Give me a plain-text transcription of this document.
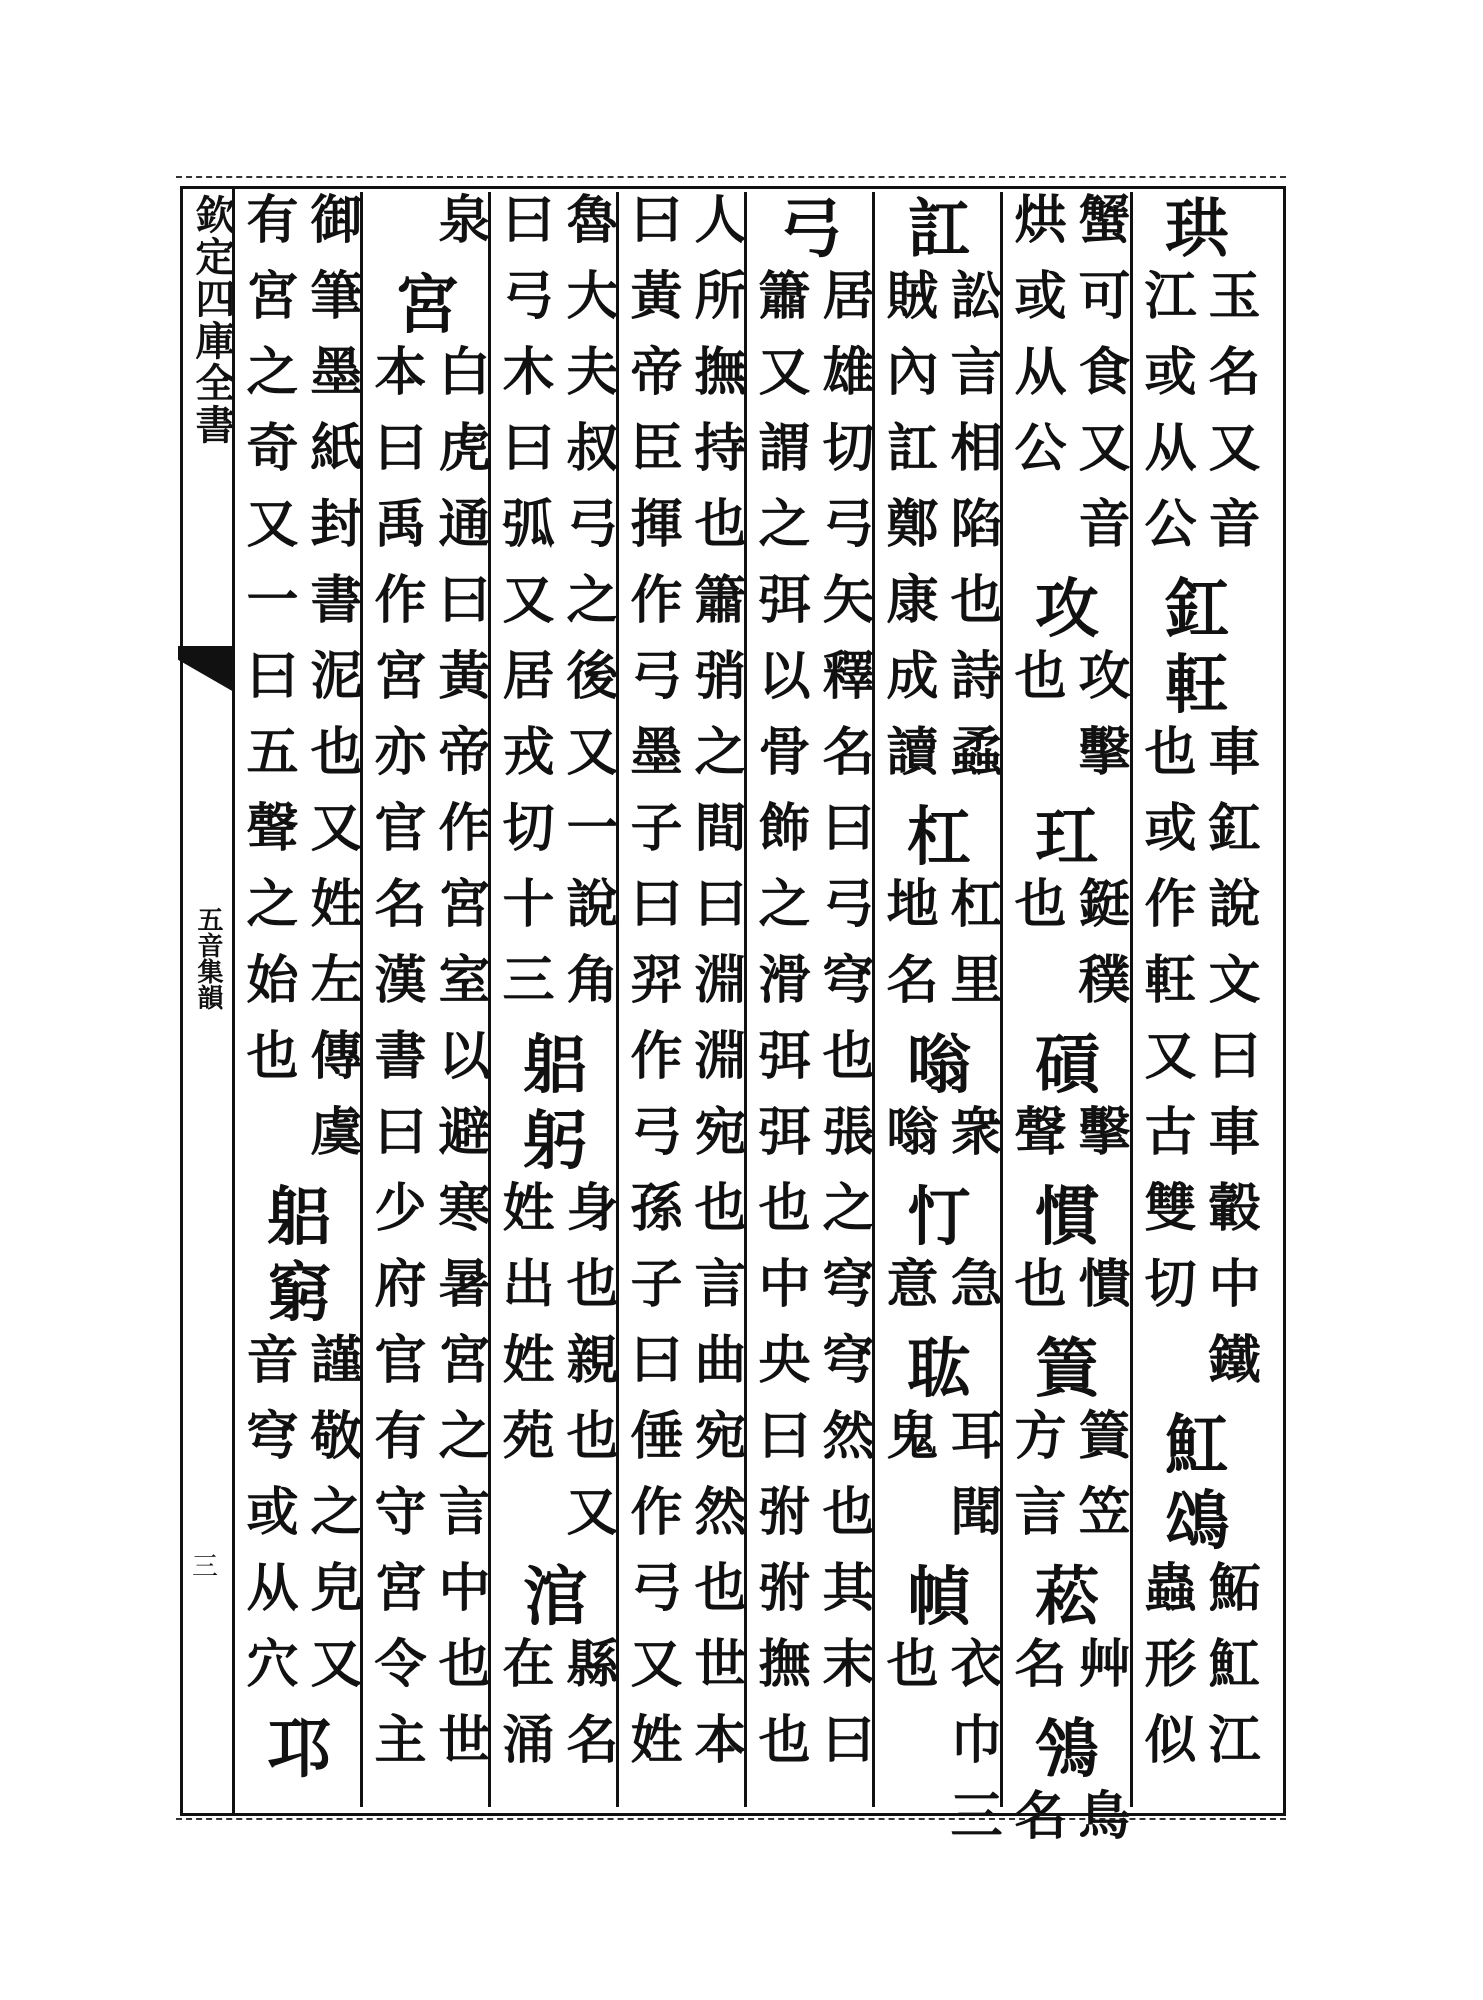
欽定四庫全書
五音集韻
三
珙
玉名又音
江或从公
釭
軖
車釭說文曰車轂中鐵
也或作軖又古雙切　
魟
䲲
鮖魟江
蟲形似
蟹可食又音
烘或从公　
攻
攻擊
也　
玒
鋌穙
也　
碽
擊
聲
慣
憒
也
篢
篢笠
方言
菘
艸
名
鳹
鳥
名
訌
訟言相陷也詩蟊
賊內訌鄭康成讀
杠
杠里
地名
嗡
衆
嗡
忊
急
意
耾
耳聞
鬼　
幀
衣巾三
也　　
弓
居雄切弓矢釋名曰弓穹也張之穹穹然也其末曰
簫又謂之弭以骨飾之滑弭弭也中央曰弣弣撫也
人所撫持也簫弰之間曰淵淵宛也言曲宛然也世本
曰黃帝臣揮作弓墨子曰羿作弓孫子曰倕作弓又姓
魯大夫叔弓之後又一說角
曰弓木曰弧又居戎切十三
躳
躬
身也親也又
姓出姓苑　
涫
縣名
在涌
泉

宮
白虎通曰黃帝作宮室以避寒暑宮之言中也世
本曰禹作宮亦官名漢書曰少府官有守宮令主
御筆墨紙封書泥也又姓左傳虞
有宮之奇又一曰五聲之始也　
躳
窮
謹敬之皃又
音穹或从穴
邛
